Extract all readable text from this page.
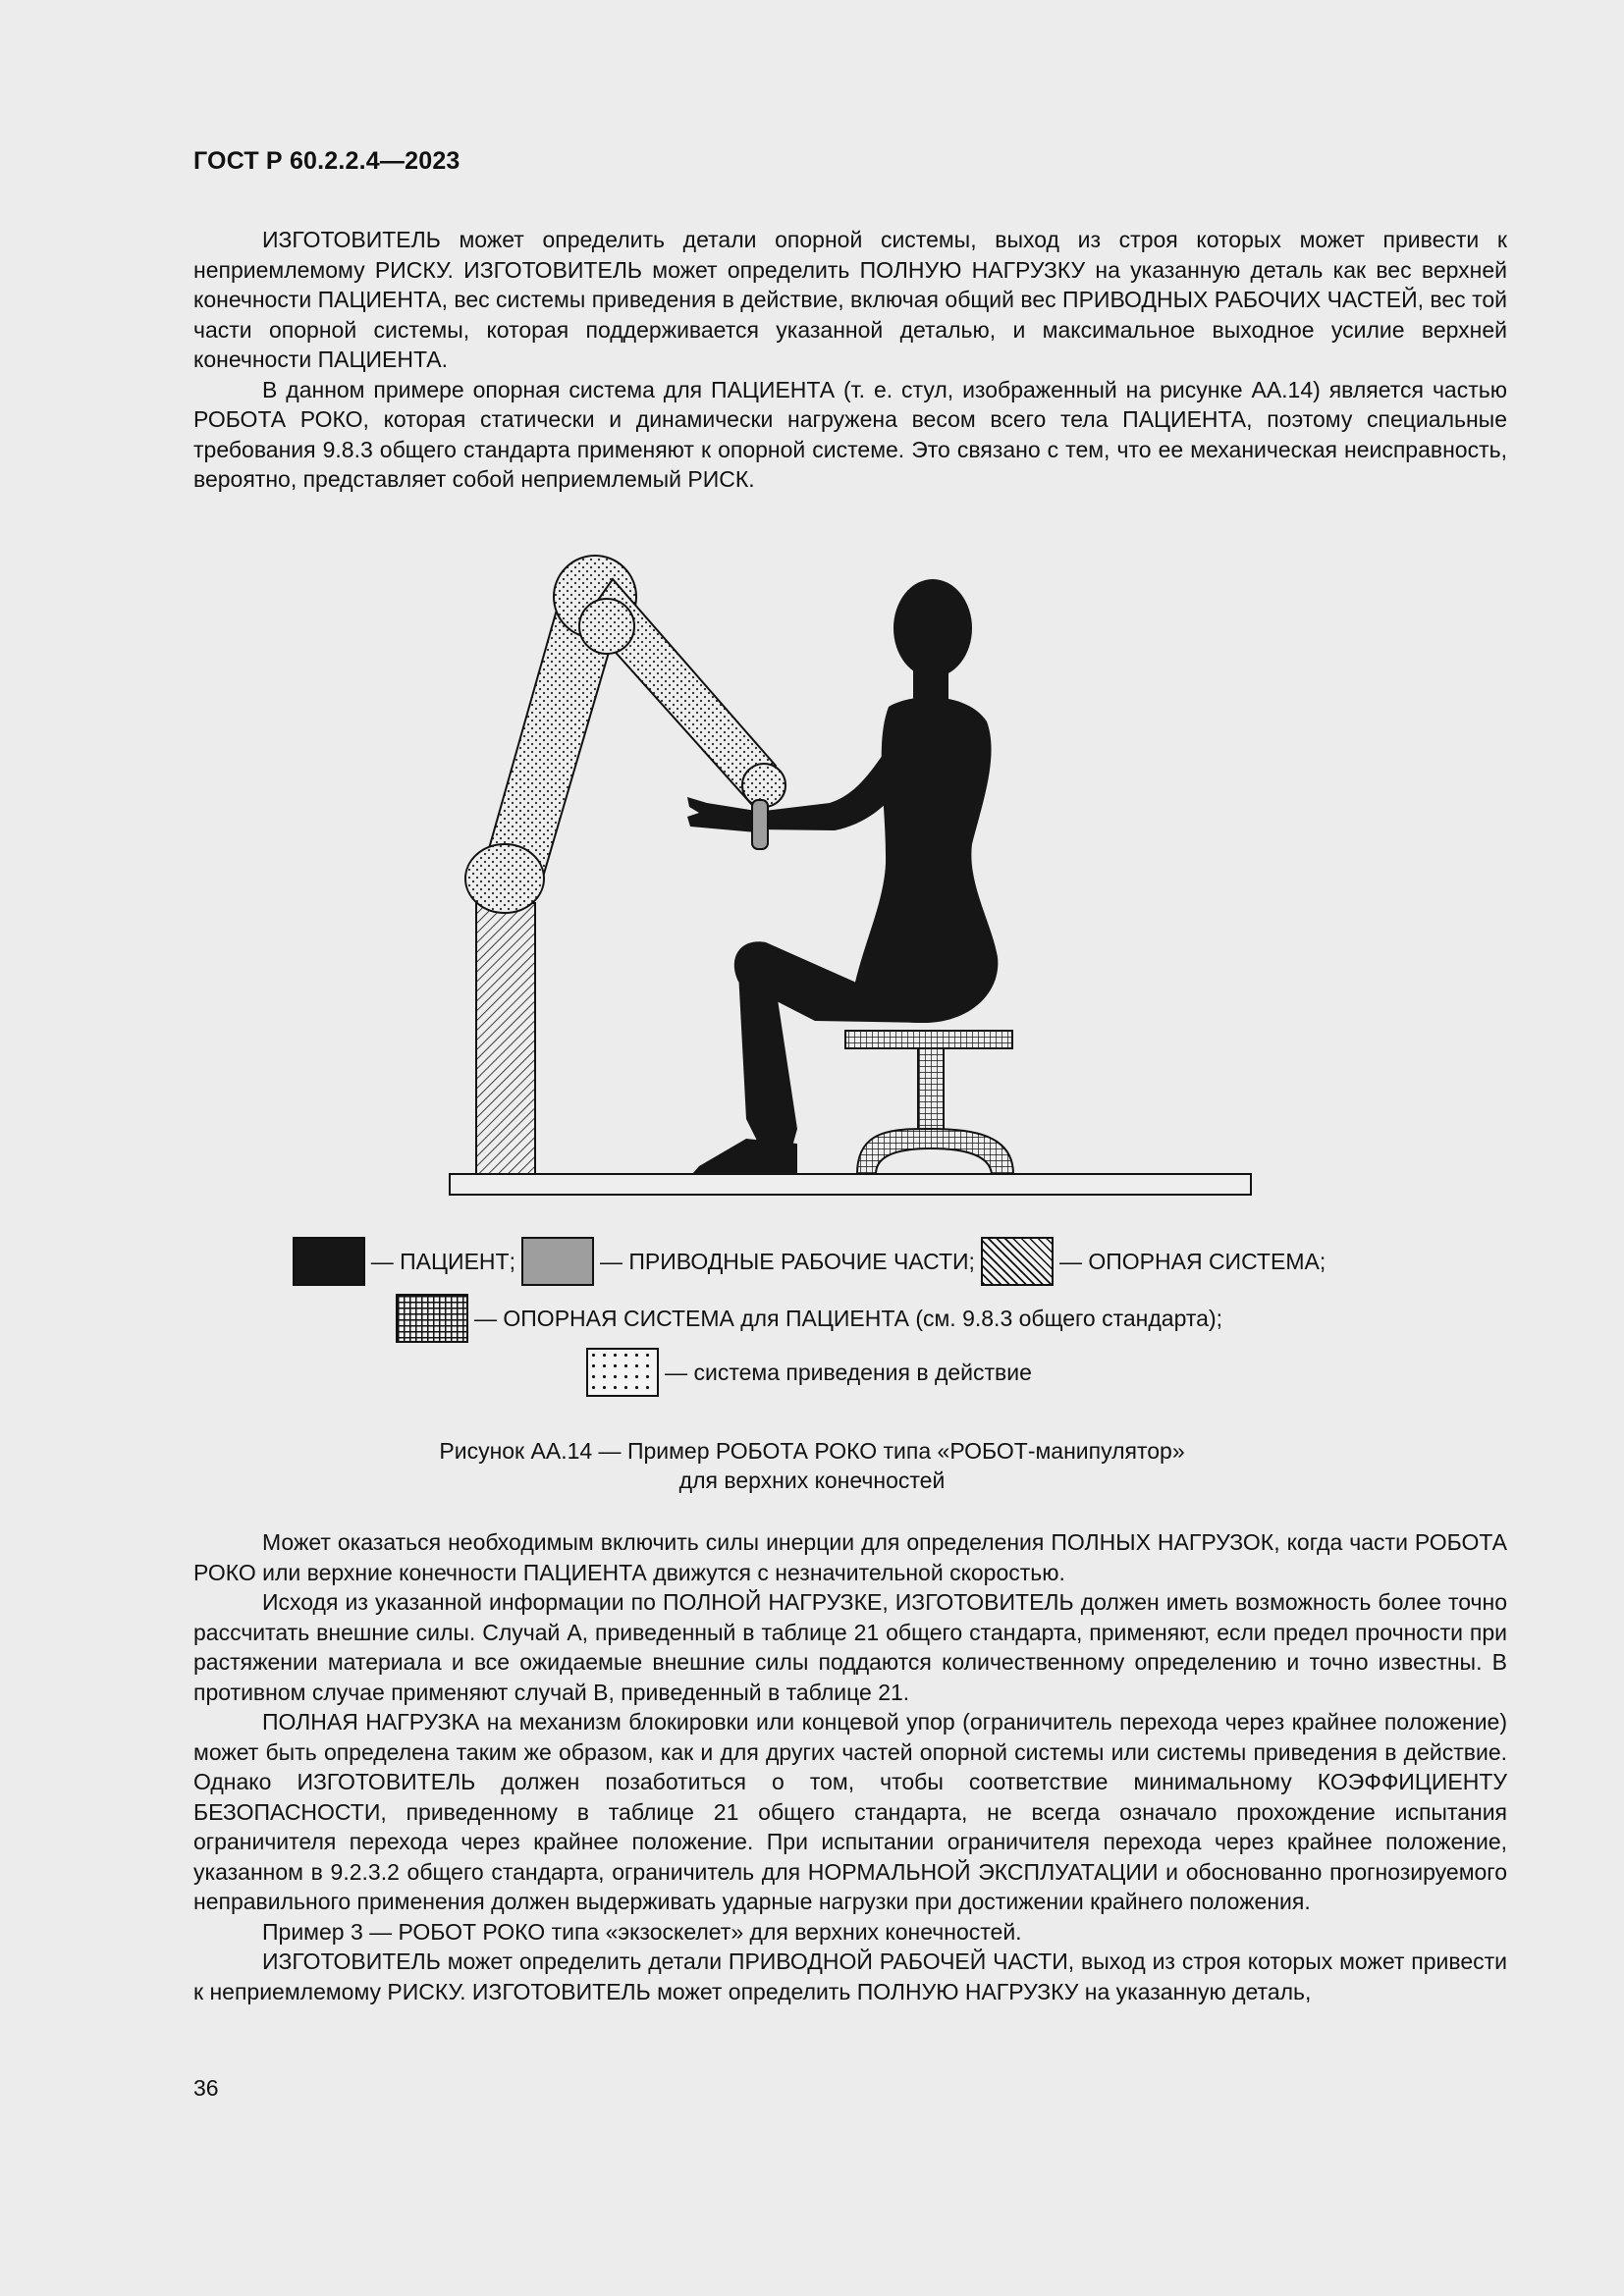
ГОСТ Р 60.2.2.4—2023

ИЗГОТОВИТЕЛЬ может определить детали опорной системы, выход из строя которых может привести к неприемлемому РИСКУ. ИЗГОТОВИТЕЛЬ может определить ПОЛНУЮ НАГРУЗКУ на указанную деталь как вес верхней конечности ПАЦИЕНТА, вес системы приведения в действие, включая общий вес ПРИВОДНЫХ РАБОЧИХ ЧАСТЕЙ, вес той части опорной системы, которая поддерживается указанной деталью, и максимальное выходное усилие верхней конечности ПАЦИЕНТА.

В данном примере опорная система для ПАЦИЕНТА (т. е. стул, изображенный на рисунке АА.14) является частью РОБОТА РОКО, которая статически и динамически нагружена весом всего тела ПАЦИЕНТА, поэтому специальные требования 9.8.3 общего стандарта применяют к опорной системе. Это связано с тем, что ее механическая неисправность, вероятно, представляет собой неприемлемый РИСК.

— ПАЦИЕНТ;	— ПРИВОДНЫЕ РАБОЧИЕ ЧАСТИ;	— ОПОРНАЯ СИСТЕМА;
— ОПОРНАЯ СИСТЕМА для ПАЦИЕНТА (см. 9.8.3 общего стандарта);
— система приведения в действие
Рисунок АА.14 — Пример РОБОТА РОКО типа «РОБОТ-манипулятор»
для верхних конечностей

Может оказаться необходимым включить силы инерции для определения ПОЛНЫХ НАГРУЗОК, когда части РОБОТА РОКО или верхние конечности ПАЦИЕНТА движутся с незначительной скоростью.

Исходя из указанной информации по ПОЛНОЙ НАГРУЗКЕ, ИЗГОТОВИТЕЛЬ должен иметь возможность более точно рассчитать внешние силы. Случай А, приведенный в таблице 21 общего стандарта, применяют, если предел прочности при растяжении материала и все ожидаемые внешние силы поддаются количественному определению и точно известны. В противном случае применяют случай В, приведенный в таблице 21.

ПОЛНАЯ НАГРУЗКА на механизм блокировки или концевой упор (ограничитель перехода через крайнее положение) может быть определена таким же образом, как и для других частей опорной системы или системы приведения в действие. Однако ИЗГОТОВИТЕЛЬ должен позаботиться о том, чтобы соответствие минимальному КОЭФФИЦИЕНТУ БЕЗОПАСНОСТИ, приведенному в таблице 21 общего стандарта, не всегда означало прохождение испытания ограничителя перехода через крайнее положение. При испытании ограничителя перехода через крайнее положение, указанном в 9.2.3.2 общего стандарта, ограничитель для НОРМАЛЬНОЙ ЭКСПЛУАТАЦИИ и обоснованно прогнозируемого неправильного применения должен выдерживать ударные нагрузки при достижении крайнего положения.

Пример 3 — РОБОТ РОКО типа «экзоскелет» для верхних конечностей.

ИЗГОТОВИТЕЛЬ может определить детали ПРИВОДНОЙ РАБОЧЕЙ ЧАСТИ, выход из строя которых может привести к неприемлемому РИСКУ. ИЗГОТОВИТЕЛЬ может определить ПОЛНУЮ НАГРУЗКУ на указанную деталь,

36
